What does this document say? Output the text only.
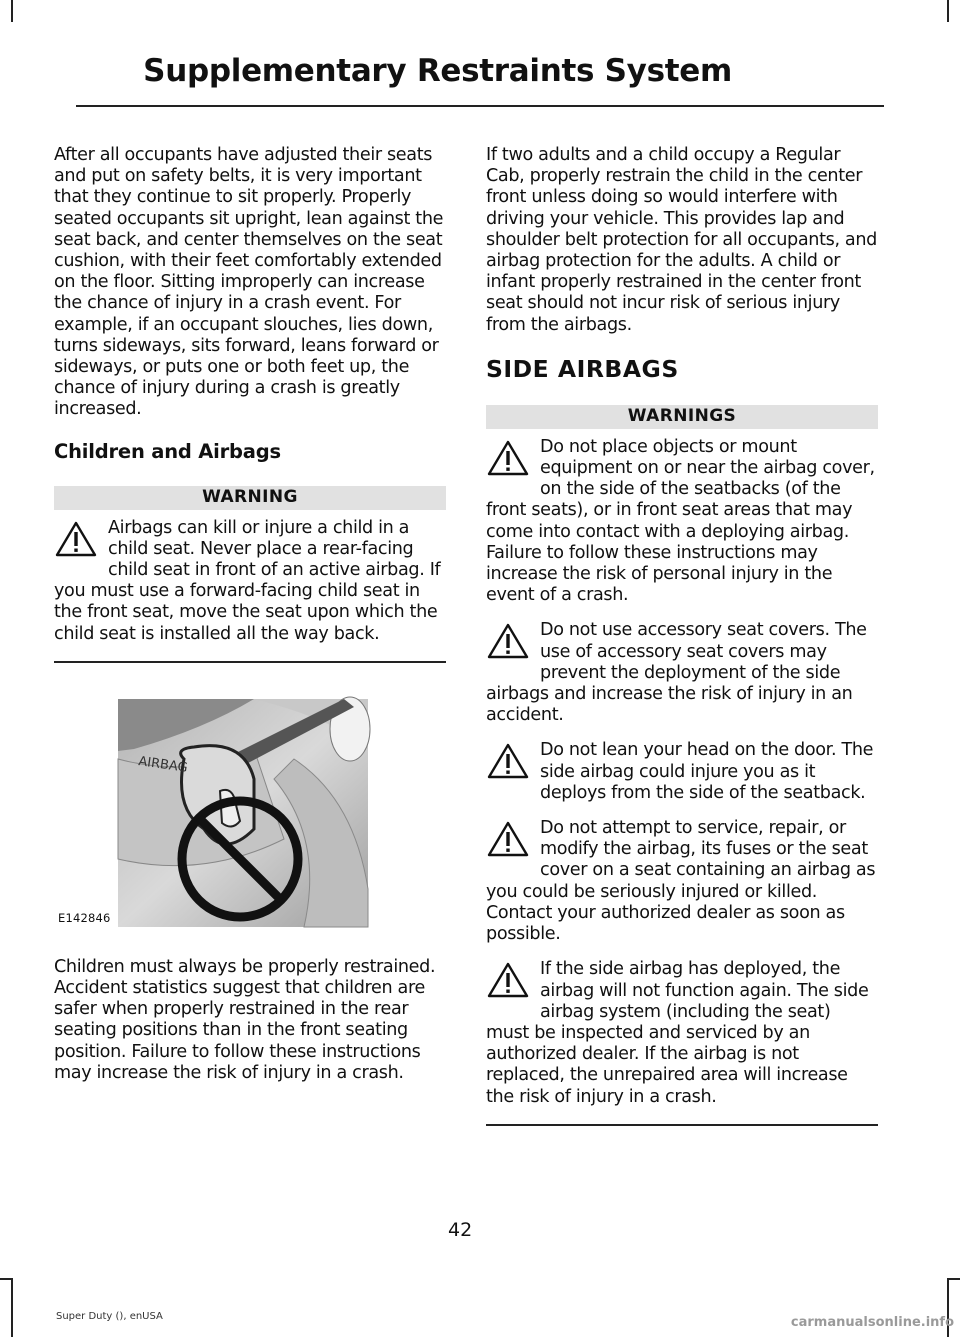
Supplementary Restraints System

After all occupants have adjusted their seats and put on safety belts, it is very important that they continue to sit properly. Properly seated occupants sit upright, lean against the seat back, and center themselves on the seat cushion, with their feet comfortably extended on the floor. Sitting improperly can increase the chance of injury in a crash event. For example, if an occupant slouches, lies down, turns sideways, sits forward, leans forward or sideways, or puts one or both feet up, the chance of injury during a crash is greatly increased.

Children and Airbags
WARNING

Airbags can kill or injure a child in a child seat. Never place a rear-facing child seat in front of an active airbag. If you must use a forward-facing child seat in the front seat, move the seat upon which the child seat is installed all the way back.

AIRBAG
E142846

Children must always be properly restrained. Accident statistics suggest that children are safer when properly restrained in the rear seating positions than in the front seating position. Failure to follow these instructions may increase the risk of injury in a crash.

If two adults and a child occupy a Regular Cab, properly restrain the child in the center front unless doing so would interfere with driving your vehicle. This provides lap and shoulder belt protection for all occupants, and airbag protection for the adults. A child or infant properly restrained in the center front seat should not incur risk of serious injury from the airbags.

SIDE AIRBAGS
WARNINGS

Do not place objects or mount equipment on or near the airbag cover, on the side of the seatbacks (of the front seats), or in front seat areas that may come into contact with a deploying airbag. Failure to follow these instructions may increase the risk of personal injury in the event of a crash.

Do not use accessory seat covers. The use of accessory seat covers may prevent the deployment of the side airbags and increase the risk of injury in an accident.

Do not lean your head on the door. The side airbag could injure you as it deploys from the side of the seatback.

Do not attempt to service, repair, or modify the airbag, its fuses or the seat cover on a seat containing an airbag as you could be seriously injured or killed. Contact your authorized dealer as soon as possible.

If the side airbag has deployed, the airbag will not function again. The side airbag system (including the seat) must be inspected and serviced by an authorized dealer. If the airbag is not replaced, the unrepaired area will increase the risk of injury in a crash.

42
Super Duty (), enUSA	carmanualsonline.info
